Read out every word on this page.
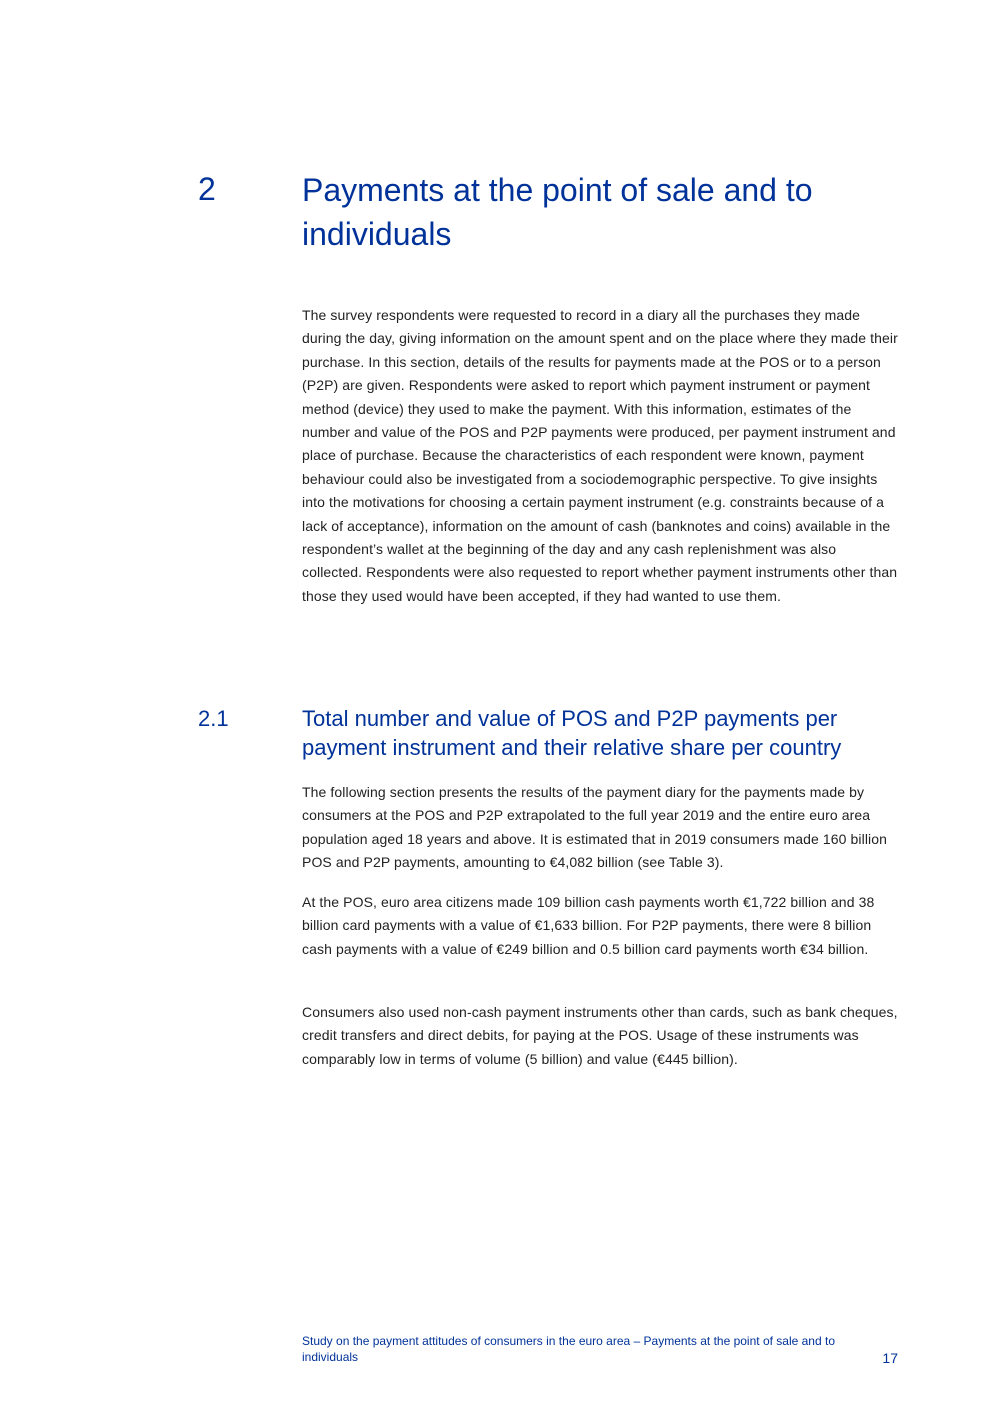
2	Payments at the point of sale and to individuals

The survey respondents were requested to record in a diary all the purchases they made during the day, giving information on the amount spent and on the place where they made their purchase. In this section, details of the results for payments made at the POS or to a person (P2P) are given. Respondents were asked to report which payment instrument or payment method (device) they used to make the payment. With this information, estimates of the number and value of the POS and P2P payments were produced, per payment instrument and place of purchase. Because the characteristics of each respondent were known, payment behaviour could also be investigated from a sociodemographic perspective. To give insights into the motivations for choosing a certain payment instrument (e.g. constraints because of a lack of acceptance), information on the amount of cash (banknotes and coins) available in the respondent’s wallet at the beginning of the day and any cash replenishment was also collected. Respondents were also requested to report whether payment instruments other than those they used would have been accepted, if they had wanted to use them.

2.1	Total number and value of POS and P2P payments per payment instrument and their relative share per country

The following section presents the results of the payment diary for the payments made by consumers at the POS and P2P extrapolated to the full year 2019 and the entire euro area population aged 18 years and above. It is estimated that in 2019 consumers made 160 billion POS and P2P payments, amounting to €4,082 billion (see Table 3).

At the POS, euro area citizens made 109 billion cash payments worth €1,722 billion and 38 billion card payments with a value of €1,633 billion. For P2P payments, there were 8 billion cash payments with a value of €249 billion and 0.5 billion card payments worth €34 billion.

Consumers also used non-cash payment instruments other than cards, such as bank cheques, credit transfers and direct debits, for paying at the POS. Usage of these instruments was comparably low in terms of volume (5 billion) and value (€445 billion).

Study on the payment attitudes of consumers in the euro area – Payments at the point of sale and to individuals	17
